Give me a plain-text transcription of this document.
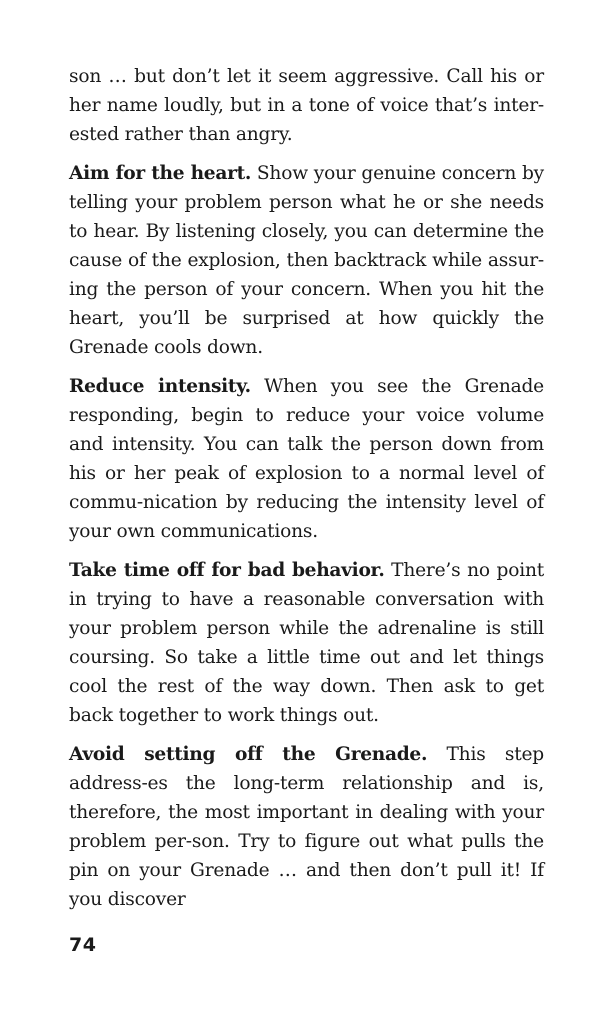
son … but don’t let it seem aggressive. Call his or her name loudly, but in a tone of voice that’s inter-ested rather than angry.

Aim for the heart. Show your genuine concern by telling your problem person what he or she needs to hear. By listening closely, you can determine the cause of the explosion, then backtrack while assur-ing the person of your concern. When you hit the heart, you’ll be surprised at how quickly the Grenade cools down.

Reduce intensity. When you see the Grenade responding, begin to reduce your voice volume and intensity. You can talk the person down from his or her peak of explosion to a normal level of commu-nication by reducing the intensity level of your own communications.

Take time off for bad behavior. There’s no point in trying to have a reasonable conversation with your problem person while the adrenaline is still coursing. So take a little time out and let things cool the rest of the way down. Then ask to get back together to work things out.

Avoid setting off the Grenade. This step address-es the long-term relationship and is, therefore, the most important in dealing with your problem per-son. Try to figure out what pulls the pin on your Grenade … and then don’t pull it! If you discover

74
